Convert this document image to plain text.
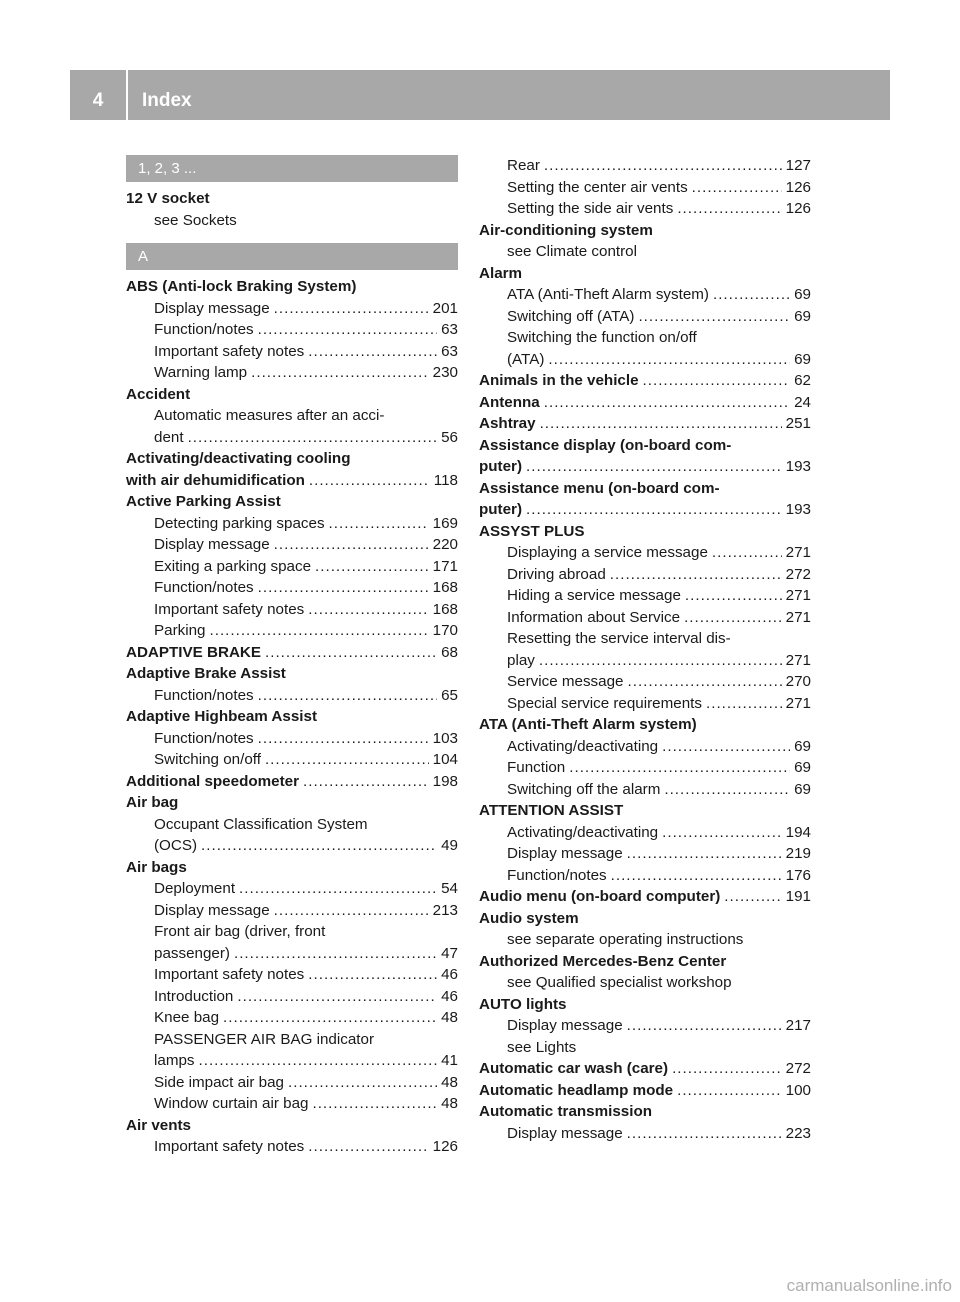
4	Index
1, 2, 3 ...
12 V socket
see Sockets
A
ABS (Anti-lock Braking System)
Display message .....	201
Function/notes .....	63
Important safety notes .....	63
Warning lamp .....	230
Accident
Automatic measures after an acci-
dent .....	56
Activating/deactivating cooling
with air dehumidification .....	118
Active Parking Assist
Detecting parking spaces .....	169
Display message .....	220
Exiting a parking space .....	171
Function/notes .....	168
Important safety notes .....	168
Parking .....	170
ADAPTIVE BRAKE .....	68
Adaptive Brake Assist
Function/notes .....	65
Adaptive Highbeam Assist
Function/notes .....	103
Switching on/off .....	104
Additional speedometer .....	198
Air bag
Occupant Classification System
(OCS) .....	49
Air bags
Deployment .....	54
Display message .....	213
Front air bag (driver, front
passenger) .....	47
Important safety notes .....	46
Introduction .....	46
Knee bag .....	48
PASSENGER AIR BAG indicator
lamps .....	41
Side impact air bag .....	48
Window curtain air bag .....	48
Air vents
Important safety notes .....	126
Rear .....	127
Setting the center air vents .....	126
Setting the side air vents .....	126
Air-conditioning system
see Climate control
Alarm
ATA (Anti-Theft Alarm system) .....	69
Switching off (ATA) .....	69
Switching the function on/off
(ATA) .....	69
Animals in the vehicle .....	62
Antenna .....	24
Ashtray .....	251
Assistance display (on-board com-
puter) .....	193
Assistance menu (on-board com-
puter) .....	193
ASSYST PLUS
Displaying a service message .....	271
Driving abroad .....	272
Hiding a service message .....	271
Information about Service .....	271
Resetting the service interval dis-
play .....	271
Service message .....	270
Special service requirements .....	271
ATA (Anti-Theft Alarm system)
Activating/deactivating .....	69
Function .....	69
Switching off the alarm .....	69
ATTENTION ASSIST
Activating/deactivating .....	194
Display message .....	219
Function/notes .....	176
Audio menu (on-board computer) .....	191
Audio system
see separate operating instructions
Authorized Mercedes-Benz Center
see Qualified specialist workshop
AUTO lights
Display message .....	217
see Lights
Automatic car wash (care) .....	272
Automatic headlamp mode .....	100
Automatic transmission
Display message .....	223
carmanualsonline.info
